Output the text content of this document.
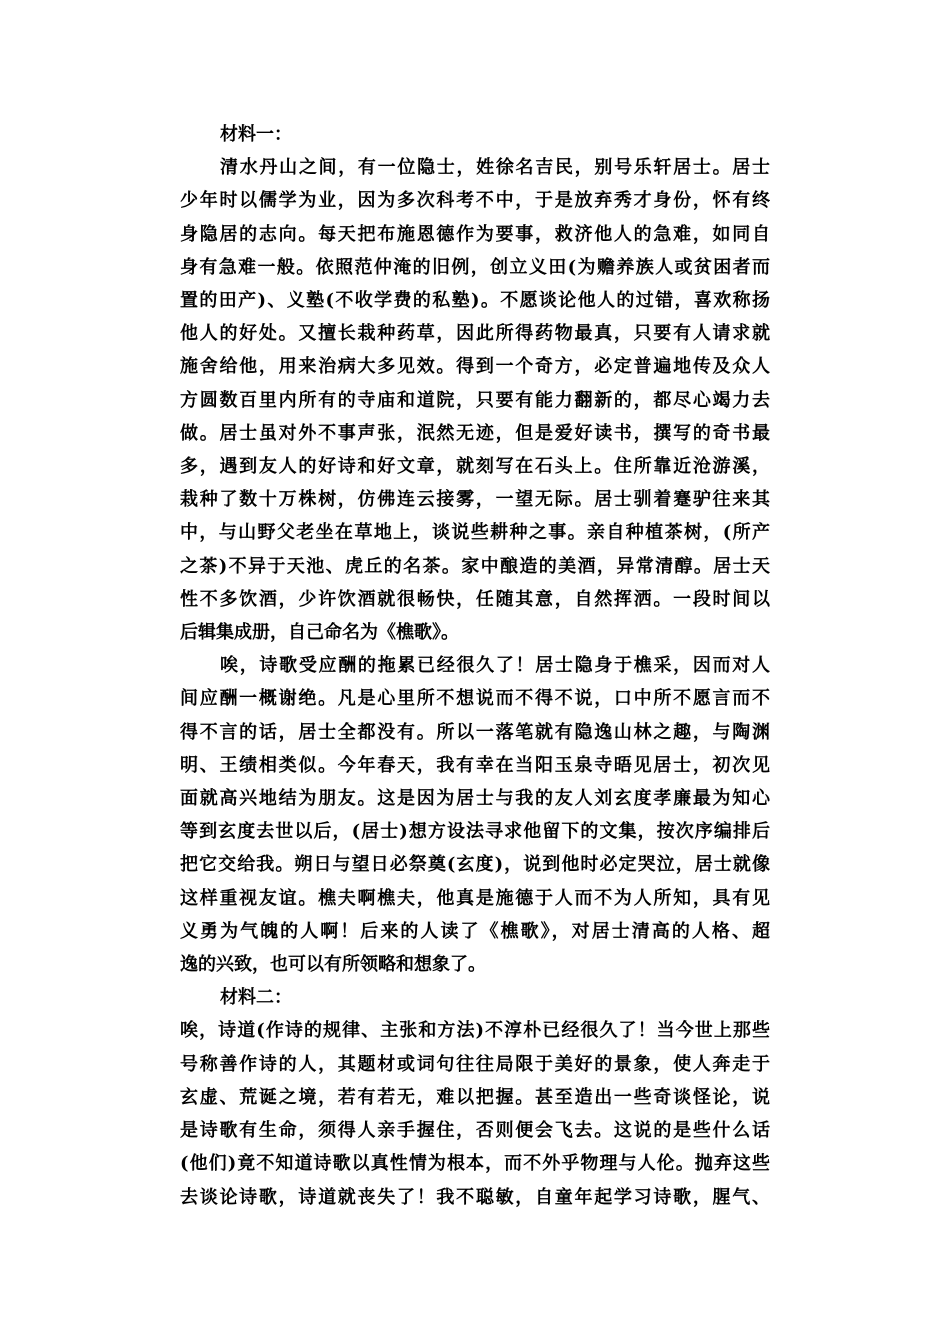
材料一：
清水丹山之间，有一位隐士，姓徐名吉民，别号乐轩居士。居士
少年时以儒学为业，因为多次科考不中，于是放弃秀才身份，怀有终
身隐居的志向。每天把布施恩德作为要事，救济他人的急难，如同自
身有急难一般。依照范仲淹的旧例，创立义田(为赡养族人或贫困者而
置的田产)、义塾(不收学费的私塾)。不愿谈论他人的过错，喜欢称扬
他人的好处。又擅长栽种药草，因此所得药物最真，只要有人请求就
施舍给他，用来治病大多见效。得到一个奇方，必定普遍地传及众人
方圆数百里内所有的寺庙和道院，只要有能力翻新的，都尽心竭力去
做。居士虽对外不事声张，泯然无迹，但是爱好读书，撰写的奇书最
多，遇到友人的好诗和好文章，就刻写在石头上。住所靠近沧游溪，
栽种了数十万株树，仿佛连云接雾，一望无际。居士驯着蹇驴往来其
中，与山野父老坐在草地上，谈说些耕种之事。亲自种植茶树，(所产
之茶)不异于天池、虎丘的名茶。家中酿造的美酒，异常清醇。居士天
性不多饮酒，少许饮酒就很畅快，任随其意，自然挥洒。一段时间以
后辑集成册，自己命名为《樵歌》。
唉，诗歌受应酬的拖累已经很久了！居士隐身于樵采，因而对人
间应酬一概谢绝。凡是心里所不想说而不得不说，口中所不愿言而不
得不言的话，居士全都没有。所以一落笔就有隐逸山林之趣，与陶渊
明、王绩相类似。今年春天，我有幸在当阳玉泉寺晤见居士，初次见
面就高兴地结为朋友。这是因为居士与我的友人刘玄度孝廉最为知心
等到玄度去世以后，(居士)想方设法寻求他留下的文集，按次序编排后
把它交给我。朔日与望日必祭奠(玄度)，说到他时必定哭泣，居士就像
这样重视友谊。樵夫啊樵夫，他真是施德于人而不为人所知，具有见
义勇为气魄的人啊！后来的人读了《樵歌》，对居士清高的人格、超
逸的兴致，也可以有所领略和想象了。
材料二：
唉，诗道(作诗的规律、主张和方法)不淳朴已经很久了！当今世上那些
号称善作诗的人，其题材或词句往往局限于美好的景象，使人奔走于
玄虚、荒诞之境，若有若无，难以把握。甚至造出一些奇谈怪论，说
是诗歌有生命，须得人亲手握住，否则便会飞去。这说的是些什么话
(他们)竟不知道诗歌以真性情为根本，而不外乎物理与人伦。抛弃这些
去谈论诗歌，诗道就丧失了！我不聪敏，自童年起学习诗歌，腥气、
